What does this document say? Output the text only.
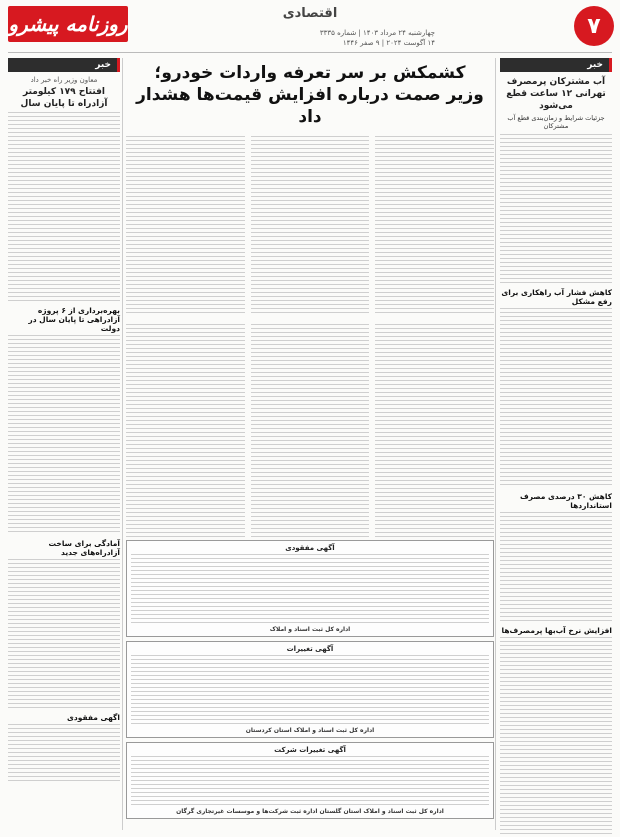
۷
اقتصادی
چهارشنبه ۲۴ مرداد ۱۴۰۳ | شماره ۳۳۳۵
۱۴ آگوست ۲۰۲۴ | ۹ صفر ۱۴۴۶
روزنامه پیشرو
خبر
آب مشترکان پرمصرف تهرانی ۱۲ ساعت قطع می‌شود
جزئیات شرایط و زمان‌بندی قطع آب مشترکان
کاهش فشار آب راهکاری برای رفع مشکل
کاهش ۳۰ درصدی مصرف استانداردها
افزایش نرخ آب‌بها پرمصرف‌ها
خبر
معاون وزیر راه خبر داد
افتتاح ۱۷۹ کیلومتر آزادراه تا پایان سال
بهره‌برداری از ۶ پروژه آزادراهی تا پایان سال در دولت
آمادگی برای ساخت آزادراه‌های جدید
اگهی مفقودی
کشمکش بر سر تعرفه واردات خودرو؛
وزیر صمت درباره افزایش قیمت‌ها هشدار داد
آگهی مفقودی
اداره کل ثبت اسناد و املاک
آگهی تغییرات
اداره کل ثبت اسناد و املاک استان کردستان
آگهی تغییرات شرکت
اداره کل ثبت اسناد و املاک استان گلستان اداره ثبت شرکت‌ها و موسسات غیرتجاری گرگان
